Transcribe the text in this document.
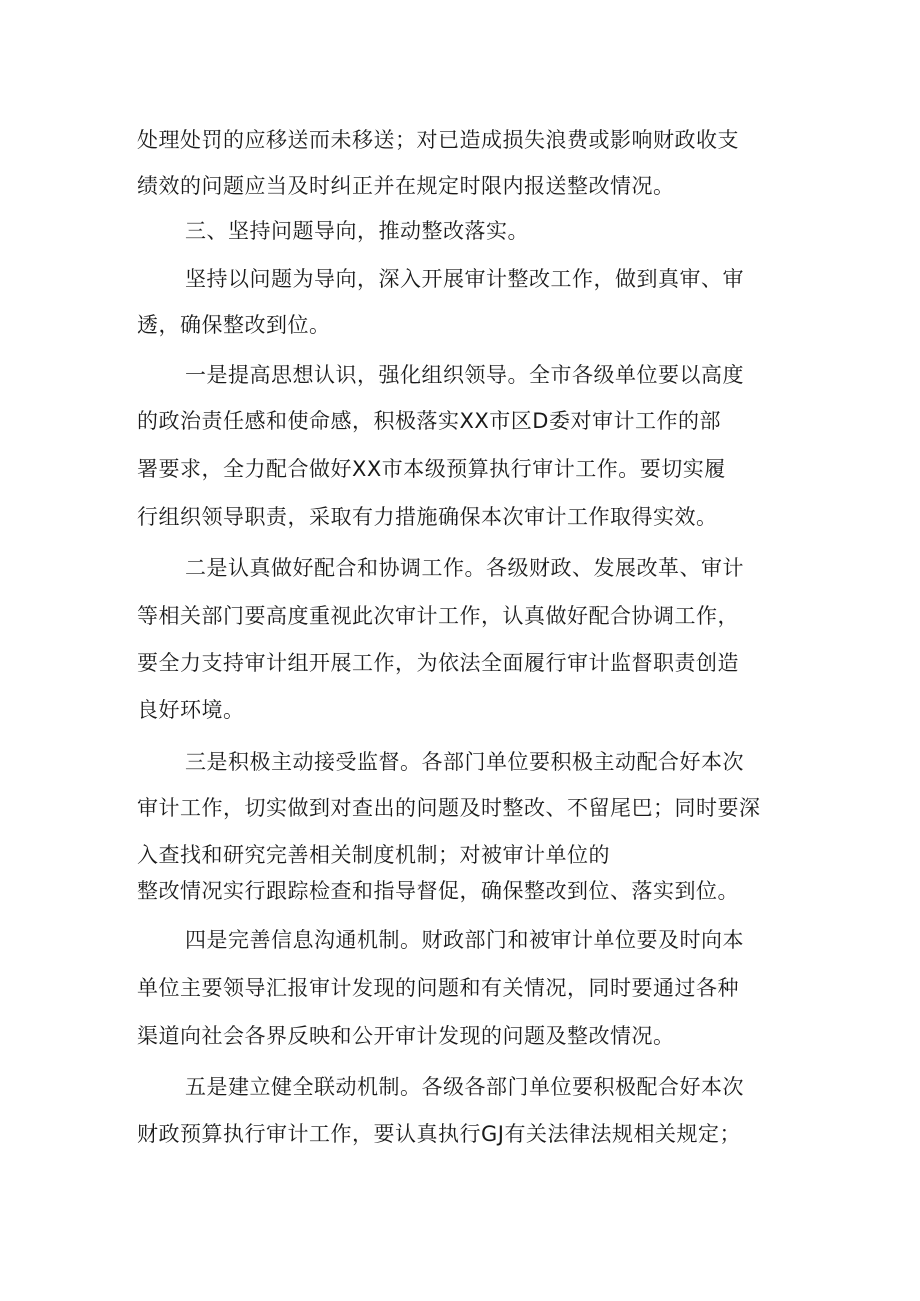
处理处罚的应移送而未移送；对已造成损失浪费或影响财政收支
绩效的问题应当及时纠正并在规定时限内报送整改情况。
三、坚持问题导向，推动整改落实。
坚持以问题为导向，深入开展审计整改工作，做到真审、审
透，确保整改到位。
一是提高思想认识，强化组织领导。全市各级单位要以高度
的政治责任感和使命感，积极落实XX市区D委对审计工作的部
署要求，全力配合做好XX市本级预算执行审计工作。要切实履
行组织领导职责，采取有力措施确保本次审计工作取得实效。
二是认真做好配合和协调工作。各级财政、发展改革、审计
等相关部门要高度重视此次审计工作，认真做好配合协调工作，
要全力支持审计组开展工作，为依法全面履行审计监督职责创造
良好环境。
三是积极主动接受监督。各部门单位要积极主动配合好本次
审计工作，切实做到对查出的问题及时整改、不留尾巴；同时要深
入查找和研究完善相关制度机制；对被审计单位的
整改情况实行跟踪检查和指导督促，确保整改到位、落实到位。
四是完善信息沟通机制。财政部门和被审计单位要及时向本
单位主要领导汇报审计发现的问题和有关情况，同时要通过各种
渠道向社会各界反映和公开审计发现的问题及整改情况。
五是建立健全联动机制。各级各部门单位要积极配合好本次
财政预算执行审计工作，要认真执行GJ有关法律法规相关规定；
